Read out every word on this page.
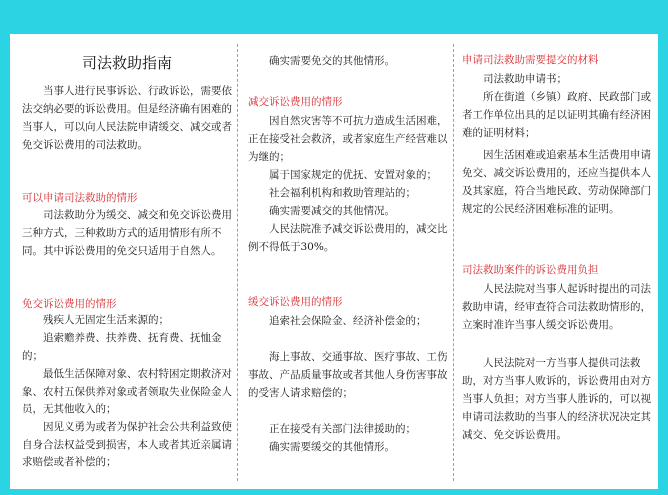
司法救助指南
当事人进行民事诉讼、行政诉讼，需要依法交纳必要的诉讼费用。但是经济确有困难的当事人，可以向人民法院申请缓交、减交或者免交诉讼费用的司法救助。
可以申请司法救助的情形
司法救助分为缓交、减交和免交诉讼费用三种方式，三种救助方式的适用情形有所不同。其中诉讼费用的免交只适用于自然人。
免交诉讼费用的情形
残疾人无固定生活来源的；
追索赡养费、扶养费、抚育费、抚恤金的；
最低生活保障对象、农村特困定期救济对象、农村五保供养对象或者领取失业保险金人员，无其他收入的；
因见义勇为或者为保护社会公共利益致使自身合法权益受到损害，本人或者其近亲属请求赔偿或者补偿的；
确实需要免交的其他情形。
减交诉讼费用的情形
因自然灾害等不可抗力造成生活困难，正在接受社会救济，或者家庭生产经营难以为继的；
属于国家规定的优抚、安置对象的；
社会福利机构和救助管理站的；
确实需要减交的其他情况。
人民法院准予减交诉讼费用的，减交比例不得低于30%。
缓交诉讼费用的情形
追索社会保险金、经济补偿金的；
海上事故、交通事故、医疗事故、工伤事故、产品质量事故或者其他人身伤害事故的受害人请求赔偿的；
正在接受有关部门法律援助的；
确实需要缓交的其他情形。
申请司法救助需要提交的材料
司法救助申请书；
所在街道（乡镇）政府、民政部门或者工作单位出具的足以证明其确有经济困难的证明材料；
因生活困难或追索基本生活费用申请免交、减交诉讼费用的，还应当提供本人及其家庭，符合当地民政、劳动保障部门规定的公民经济困难标准的证明。
司法救助案件的诉讼费用负担
人民法院对当事人起诉时提出的司法救助申请，经审查符合司法救助情形的，立案时准许当事人缓交诉讼费用。
人民法院对一方当事人提供司法救助，对方当事人败诉的，诉讼费用由对方当事人负担；对方当事人胜诉的，可以视申请司法救助的当事人的经济状况决定其减交、免交诉讼费用。
